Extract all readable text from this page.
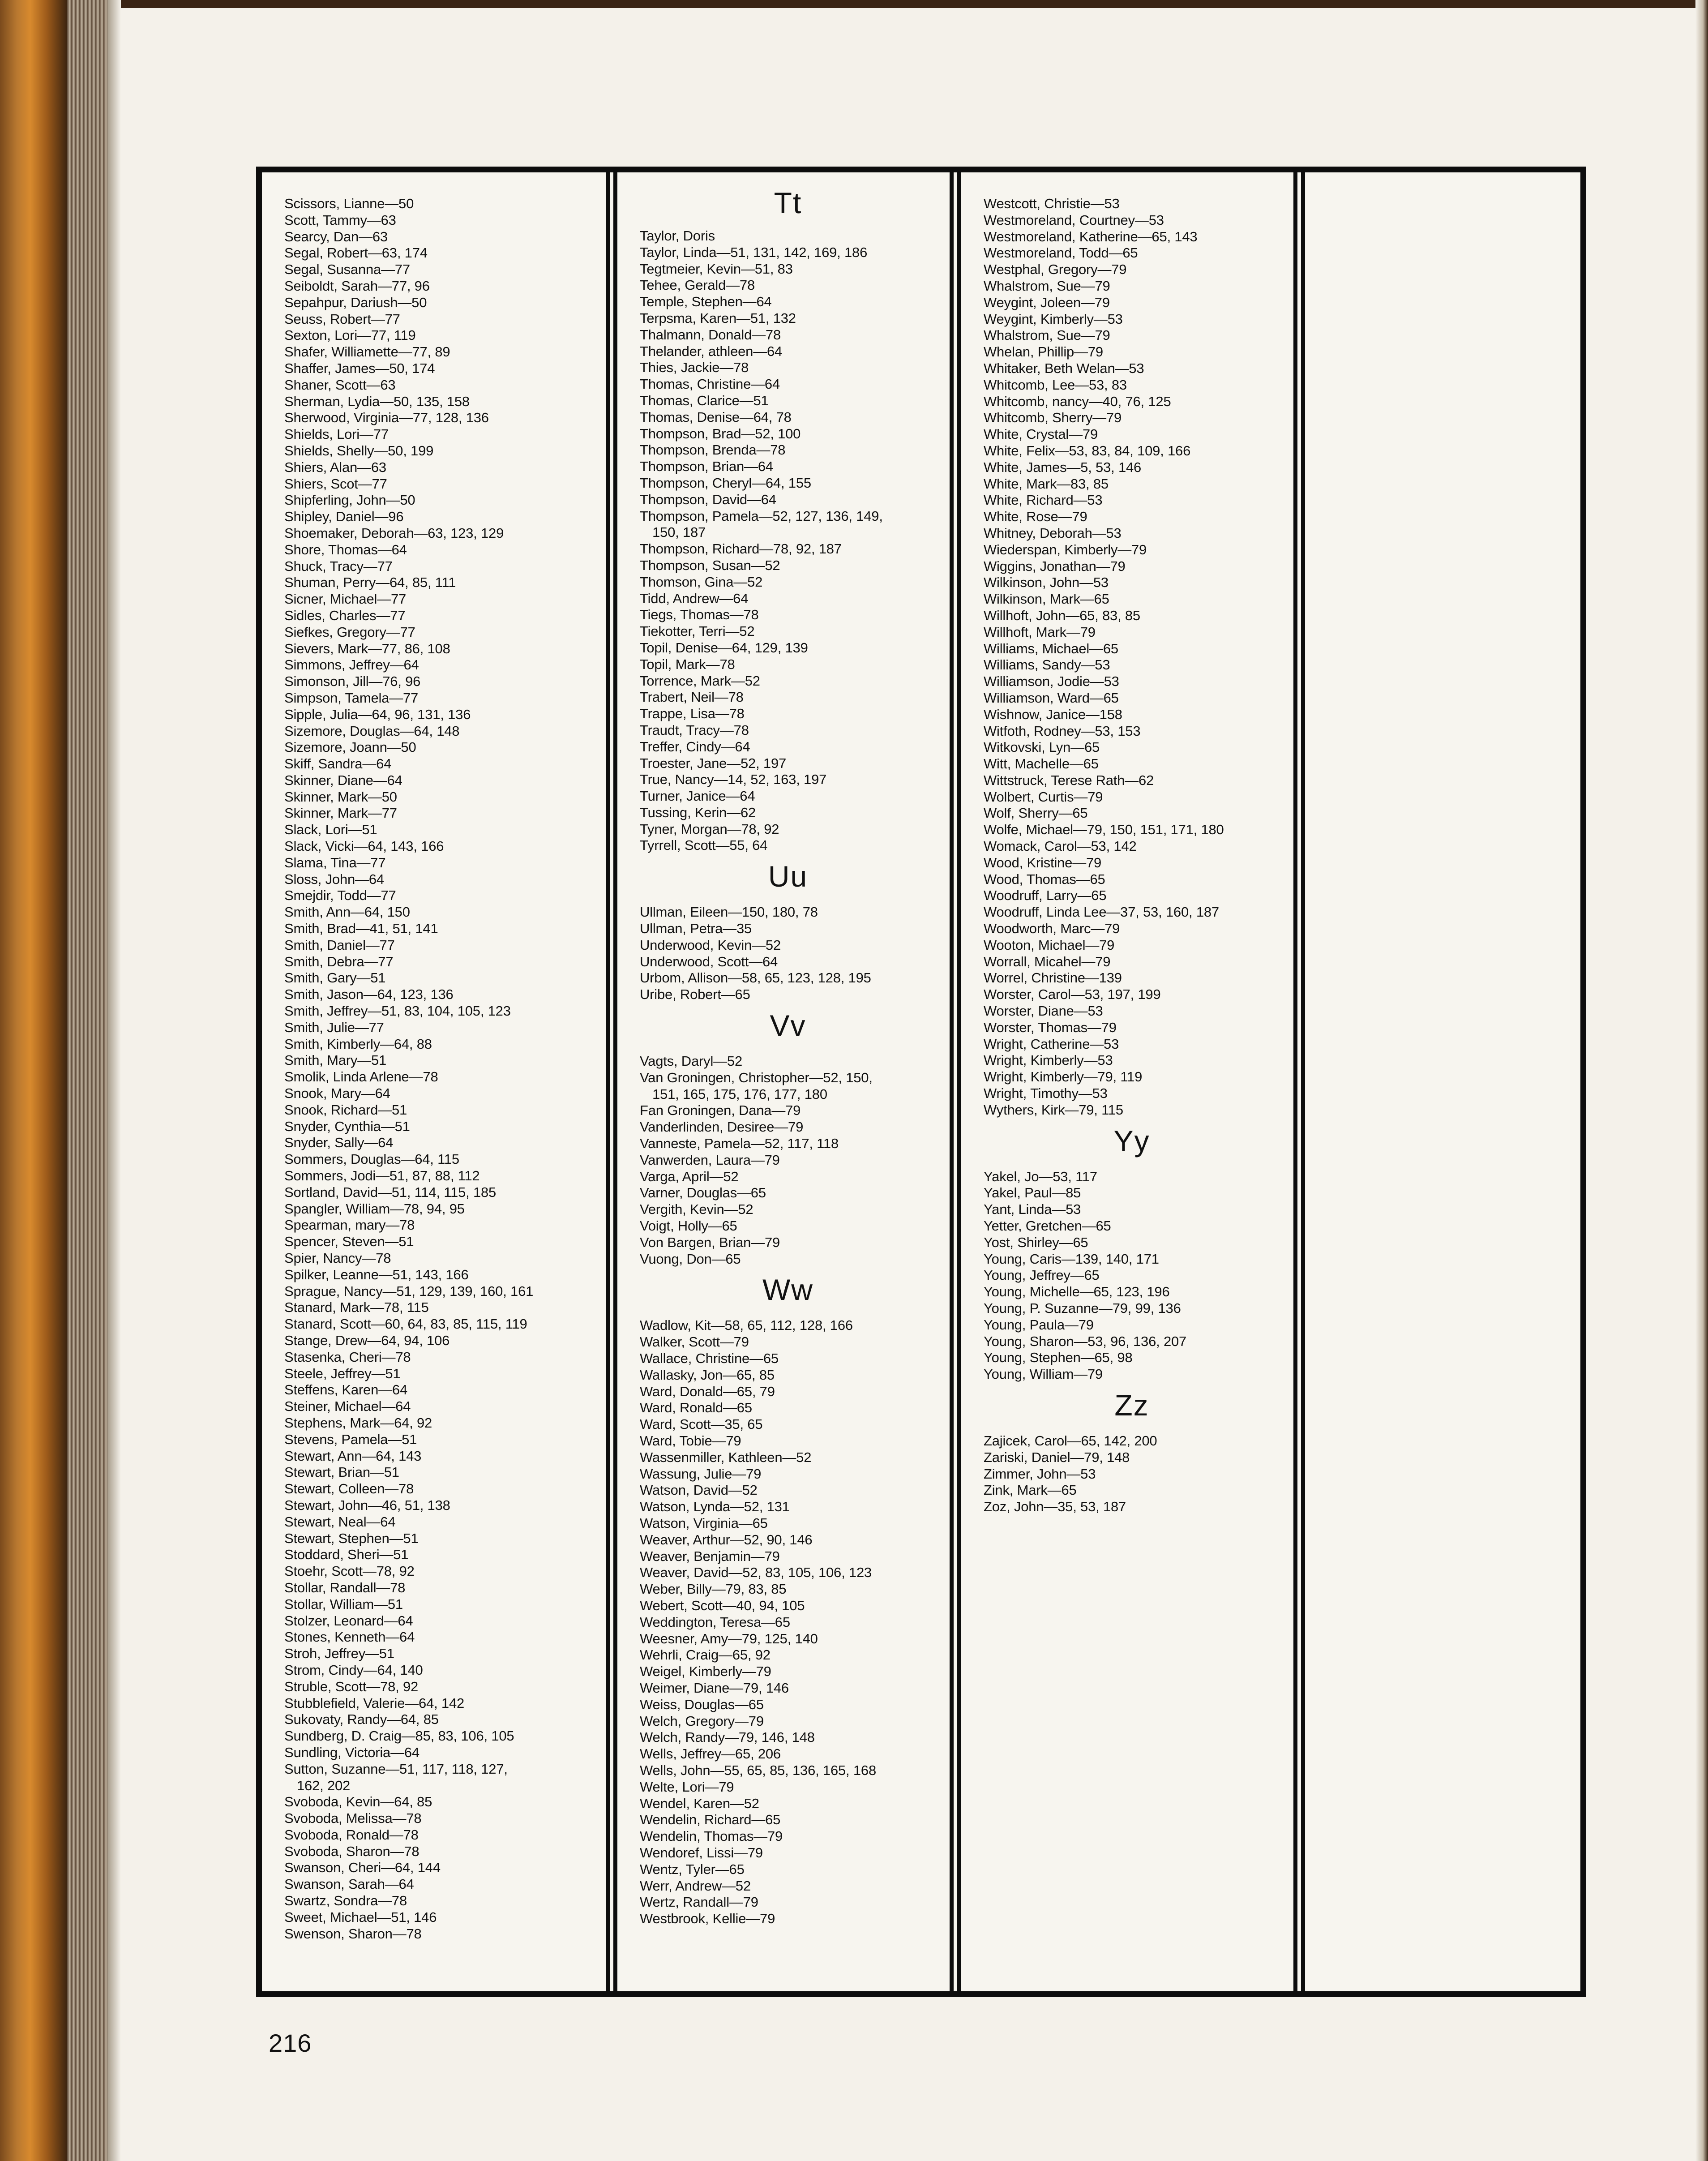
Scissors, Lianne—50
Scott, Tammy—63
Searcy, Dan—63
Segal, Robert—63, 174
Segal, Susanna—77
Seiboldt, Sarah—77, 96
Sepahpur, Dariush—50
Seuss, Robert—77
Sexton, Lori—77, 119
Shafer, Williamette—77, 89
Shaffer, James—50, 174
Shaner, Scott—63
Sherman, Lydia—50, 135, 158
Sherwood, Virginia—77, 128, 136
Shields, Lori—77
Shields, Shelly—50, 199
Shiers, Alan—63
Shiers, Scot—77
Shipferling, John—50
Shipley, Daniel—96
Shoemaker, Deborah—63, 123, 129
Shore, Thomas—64
Shuck, Tracy—77
Shuman, Perry—64, 85, 111
Sicner, Michael—77
Sidles, Charles—77
Siefkes, Gregory—77
Sievers, Mark—77, 86, 108
Simmons, Jeffrey—64
Simonson, Jill—76, 96
Simpson, Tamela—77
Sipple, Julia—64, 96, 131, 136
Sizemore, Douglas—64, 148
Sizemore, Joann—50
Skiff, Sandra—64
Skinner, Diane—64
Skinner, Mark—50
Skinner, Mark—77
Slack, Lori—51
Slack, Vicki—64, 143, 166
Slama, Tina—77
Sloss, John—64
Smejdir, Todd—77
Smith, Ann—64, 150
Smith, Brad—41, 51, 141
Smith, Daniel—77
Smith, Debra—77
Smith, Gary—51
Smith, Jason—64, 123, 136
Smith, Jeffrey—51, 83, 104, 105, 123
Smith, Julie—77
Smith, Kimberly—64, 88
Smith, Mary—51
Smolik, Linda Arlene—78
Snook, Mary—64
Snook, Richard—51
Snyder, Cynthia—51
Snyder, Sally—64
Sommers, Douglas—64, 115
Sommers, Jodi—51, 87, 88, 112
Sortland, David—51, 114, 115, 185
Spangler, William—78, 94, 95
Spearman, mary—78
Spencer, Steven—51
Spier, Nancy—78
Spilker, Leanne—51, 143, 166
Sprague, Nancy—51, 129, 139, 160, 161
Stanard, Mark—78, 115
Stanard, Scott—60, 64, 83, 85, 115, 119
Stange, Drew—64, 94, 106
Stasenka, Cheri—78
Steele, Jeffrey—51
Steffens, Karen—64
Steiner, Michael—64
Stephens, Mark—64, 92
Stevens, Pamela—51
Stewart, Ann—64, 143
Stewart, Brian—51
Stewart, Colleen—78
Stewart, John—46, 51, 138
Stewart, Neal—64
Stewart, Stephen—51
Stoddard, Sheri—51
Stoehr, Scott—78, 92
Stollar, Randall—78
Stollar, William—51
Stolzer, Leonard—64
Stones, Kenneth—64
Stroh, Jeffrey—51
Strom, Cindy—64, 140
Struble, Scott—78, 92
Stubblefield, Valerie—64, 142
Sukovaty, Randy—64, 85
Sundberg, D. Craig—85, 83, 106, 105
Sundling, Victoria—64
Sutton, Suzanne—51, 117, 118, 127,
162, 202
Svoboda, Kevin—64, 85
Svoboda, Melissa—78
Svoboda, Ronald—78
Svoboda, Sharon—78
Swanson, Cheri—64, 144
Swanson, Sarah—64
Swartz, Sondra—78
Sweet, Michael—51, 146
Swenson, Sharon—78
Tt
Taylor, Doris
Taylor, Linda—51, 131, 142, 169, 186
Tegtmeier, Kevin—51, 83
Tehee, Gerald—78
Temple, Stephen—64
Terpsma, Karen—51, 132
Thalmann, Donald—78
Thelander, athleen—64
Thies, Jackie—78
Thomas, Christine—64
Thomas, Clarice—51
Thomas, Denise—64, 78
Thompson, Brad—52, 100
Thompson, Brenda—78
Thompson, Brian—64
Thompson, Cheryl—64, 155
Thompson, David—64
Thompson, Pamela—52, 127, 136, 149,
150, 187
Thompson, Richard—78, 92, 187
Thompson, Susan—52
Thomson, Gina—52
Tidd, Andrew—64
Tiegs, Thomas—78
Tiekotter, Terri—52
Topil, Denise—64, 129, 139
Topil, Mark—78
Torrence, Mark—52
Trabert, Neil—78
Trappe, Lisa—78
Traudt, Tracy—78
Treffer, Cindy—64
Troester, Jane—52, 197
True, Nancy—14, 52, 163, 197
Turner, Janice—64
Tussing, Kerin—62
Tyner, Morgan—78, 92
Tyrrell, Scott—55, 64
Uu
Ullman, Eileen—150, 180, 78
Ullman, Petra—35
Underwood, Kevin—52
Underwood, Scott—64
Urbom, Allison—58, 65, 123, 128, 195
Uribe, Robert—65
Vv
Vagts, Daryl—52
Van Groningen, Christopher—52, 150,
151, 165, 175, 176, 177, 180
Fan Groningen, Dana—79
Vanderlinden, Desiree—79
Vanneste, Pamela—52, 117, 118
Vanwerden, Laura—79
Varga, April—52
Varner, Douglas—65
Vergith, Kevin—52
Voigt, Holly—65
Von Bargen, Brian—79
Vuong, Don—65
Ww
Wadlow, Kit—58, 65, 112, 128, 166
Walker, Scott—79
Wallace, Christine—65
Wallasky, Jon—65, 85
Ward, Donald—65, 79
Ward, Ronald—65
Ward, Scott—35, 65
Ward, Tobie—79
Wassenmiller, Kathleen—52
Wassung, Julie—79
Watson, David—52
Watson, Lynda—52, 131
Watson, Virginia—65
Weaver, Arthur—52, 90, 146
Weaver, Benjamin—79
Weaver, David—52, 83, 105, 106, 123
Weber, Billy—79, 83, 85
Webert, Scott—40, 94, 105
Weddington, Teresa—65
Weesner, Amy—79, 125, 140
Wehrli, Craig—65, 92
Weigel, Kimberly—79
Weimer, Diane—79, 146
Weiss, Douglas—65
Welch, Gregory—79
Welch, Randy—79, 146, 148
Wells, Jeffrey—65, 206
Wells, John—55, 65, 85, 136, 165, 168
Welte, Lori—79
Wendel, Karen—52
Wendelin, Richard—65
Wendelin, Thomas—79
Wendoref, Lissi—79
Wentz, Tyler—65
Werr, Andrew—52
Wertz, Randall—79
Westbrook, Kellie—79
Westcott, Christie—53
Westmoreland, Courtney—53
Westmoreland, Katherine—65, 143
Westmoreland, Todd—65
Westphal, Gregory—79
Whalstrom, Sue—79
Weygint, Joleen—79
Weygint, Kimberly—53
Whalstrom, Sue—79
Whelan, Phillip—79
Whitaker, Beth Welan—53
Whitcomb, Lee—53, 83
Whitcomb, nancy—40, 76, 125
Whitcomb, Sherry—79
White, Crystal—79
White, Felix—53, 83, 84, 109, 166
White, James—5, 53, 146
White, Mark—83, 85
White, Richard—53
White, Rose—79
Whitney, Deborah—53
Wiederspan, Kimberly—79
Wiggins, Jonathan—79
Wilkinson, John—53
Wilkinson, Mark—65
Willhoft, John—65, 83, 85
Willhoft, Mark—79
Williams, Michael—65
Williams, Sandy—53
Williamson, Jodie—53
Williamson, Ward—65
Wishnow, Janice—158
Witfoth, Rodney—53, 153
Witkovski, Lyn—65
Witt, Machelle—65
Wittstruck, Terese Rath—62
Wolbert, Curtis—79
Wolf, Sherry—65
Wolfe, Michael—79, 150, 151, 171, 180
Womack, Carol—53, 142
Wood, Kristine—79
Wood, Thomas—65
Woodruff, Larry—65
Woodruff, Linda Lee—37, 53, 160, 187
Woodworth, Marc—79
Wooton, Michael—79
Worrall, Micahel—79
Worrel, Christine—139
Worster, Carol—53, 197, 199
Worster, Diane—53
Worster, Thomas—79
Wright, Catherine—53
Wright, Kimberly—53
Wright, Kimberly—79, 119
Wright, Timothy—53
Wythers, Kirk—79, 115
Yy
Yakel, Jo—53, 117
Yakel, Paul—85
Yant, Linda—53
Yetter, Gretchen—65
Yost, Shirley—65
Young, Caris—139, 140, 171
Young, Jeffrey—65
Young, Michelle—65, 123, 196
Young, P. Suzanne—79, 99, 136
Young, Paula—79
Young, Sharon—53, 96, 136, 207
Young, Stephen—65, 98
Young, William—79
Zz
Zajicek, Carol—65, 142, 200
Zariski, Daniel—79, 148
Zimmer, John—53
Zink, Mark—65
Zoz, John—35, 53, 187
216
